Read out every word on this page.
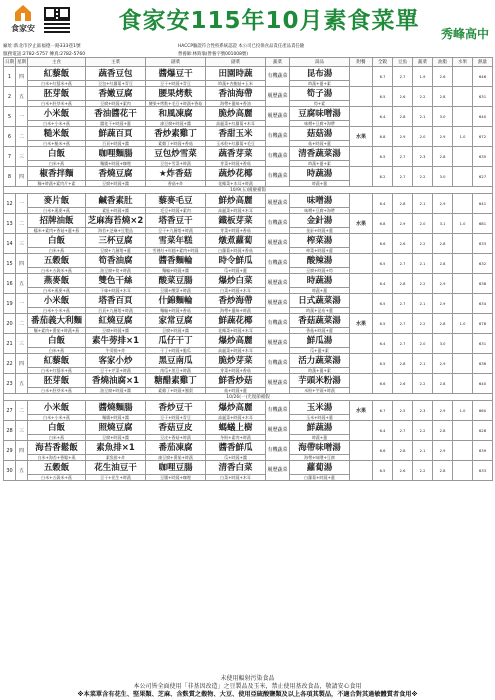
食家安	食家安115年10月素食菜單	秀峰高中
廠址:新北市汐止區福德一路333巷1號
服務電話:2782-5757 傳真:2782-5760
HACCP驗證符合性校系統認證 本公司已投保食品責任產品責任險
營養師:林鈞瑜(營養字號001008號)
日期	星期	主食	主菜	副菜	副菜	蔬菜	湯品	附餐	全穀	豆魚	蔬菜	油脂	水果	熱量
1	四	紅藜飯	蔬香豆包	醬爆豆干	田園時蔬	有機蔬菜	昆布湯		6.7	2.7	1.9	2.6		646
		白米+紅藜米+燕	豆包+紅蘿蔔+青豆	豆干+時蔬+青豆	時蔬+杏鮑菇+玉米		時蔬+薑+素							
2	五	胚芽飯	香嫩豆腐	腰果烤麩	香油海帶	履歷蔬菜	筍子湯		6.5	2.6	2.2	2.8		631
		白米+胚芽米+燕	豆腐+時蔬+素肉	腰果+烤麩+毛豆+時蔬+香菇	海帶+薑絲+香油		筍+素							
5	一	小米飯	香油醬花干	和風凍腐	脆炒高麗	履歷蔬菜	豆腐味噌湯		6.4	2.8	2.1	3.0		640
		白米+小米+燕	醬花干+時蔬+薑	凍豆腐+時蔬+醬	高麗菜+紅蘿蔔+木耳		味噌+豆腐+海帶							
6	二	糙米飯	鮮蔬百頁	香炒素雞丁	香甜玉米	有機蔬菜	菇菇湯	水果	6.8	2.9	2.0	2.9	1.0	672
		白米+糙米+燕	百頁+時蔬+醬	素雞丁+時蔬+香菇	玉米粒+紅蘿蔔+毛豆		菇+時蔬+薑							
7	三	白飯	咖哩麵腸	豆包炒雪菜	蔬香芽菜	有機蔬菜	清香蔬菜湯		6.5	2.7	2.3	2.8		635
		白米+燕	麵腸+時蔬+咖哩	豆包+雪菜+時蔬	芽菜+時蔬+香菇		時蔬+薑+素							
8	四	椒香拌麵	香燒豆腐	★炸香菇	蔬炒花椰	有機蔬菜	時蔬湯		6.2	2.7	2.2	3.0		627
		麵+時蔬+素肉片+素	豆腐+時蔬+醬	香菇+炸	花椰菜+木耳+時蔬		時蔬+薑							
10/9(五)國慶補假														
12	一	麥片飯	鹹香素肚	藜麥毛豆	鮮炒高麗	履歷蔬菜	味噌湯		6.4	2.8	2.1	2.9		641
		白米+燕麥+燕	素肚+時蔬+醬	毛豆+時蔬+素肉	高麗菜+時蔬+木耳		味噌+豆腐+海帶							
13	二	招牌油飯	芝麻海苔燒×2	塔香豆干	鐵板芽菜	有機蔬菜	金針湯	水果	6.8	2.9	2.0	3.1	1.0	681
		糯米+素肉+香菇+薑+燕	海苔+芝麻+豆製品	豆干+九層塔+時蔬	芽菜+時蔬+香菇		金針+時蔬+薑							
14	三	白飯	三杯豆腐	雪菜年糕	燉煮蘿蔔	履歷蔬菜	榨菜湯		6.6	2.6	2.2	2.8		633
		白米+燕	豆腐+九層塔+薑	雪裡紅+年糕+素肉+時蔬	白蘿蔔+時蔬+香菇		榨菜+時蔬+薑							
15	四	五穀飯	筍香油腐	醬香麵輪	時令鮮瓜	有機蔬菜	酸辣湯		6.5	2.7	2.1	2.8		632
		白米+五穀米+燕	油豆腐+筍+時蔬	麵輪+時蔬+醬	瓜+時蔬+薑		豆腐+時蔬+筍							
16	五	燕麥飯	雙色干絲	酸菜豆腸	爆炒白菜	履歷蔬菜	時蔬湯		6.4	2.8	2.2	2.9		638
		白米+燕麥+燕	干絲+時蔬+木耳	豆腸+酸菜+時蔬	白菜+時蔬+木耳		時蔬+薑							
19	一	小米飯	塔香百頁	什錦麵輪	香炒海帶	履歷蔬菜	日式蔬菜湯		6.5	2.7	2.1	2.9		634
		白米+小米+燕	百頁+九層塔+時蔬	麵輪+時蔬+香菇	海帶+薑絲+時蔬		時蔬+昆布+薑							
20	二	番茄義大利麵	紅燒豆腐	家常豆腐	鮮蔬花椰	有機蔬菜	香菇蔬菜湯	水果	6.5	2.7	2.2	2.8	1.0	678
		麵+素肉+番茄+時蔬+燕	豆腐+時蔬+醬	豆腐+時蔬+醬	花椰菜+時蔬+木耳		香菇+時蔬+薑							
21	三	白飯	素牛蒡排×1	瓜仔干丁	爆炒高麗	履歷蔬菜	鮮瓜湯		6.4	2.7	2.0	3.0		631
		白米+燕	牛蒡排+炸	干丁+時蔬+脆瓜	高麗菜+時蔬+木耳		瓜+薑+素							
22	四	紅藜飯	客家小炒	黑豆南瓜	脆炒芽菜	有機蔬菜	活力蔬菜湯		6.5	2.8	2.1	2.9		636
		白米+紅藜米+燕	豆干+芹菜+時蔬	南瓜+黑豆+時蔬	芽菜+時蔬+香菇		時蔬+薑+素							
23	五	胚芽飯	香燒油腐×1	糖醋素雞丁	鮮香炒菇	履歷蔬菜	芋頭米粉湯		6.6	2.6	2.2	2.8		640
		白米+胚芽米+燕	油豆腐+時蔬+醬	素雞丁+時蔬+鳳梨	菇+時蔬+薑		米粉+芋頭+時蔬							
10/26(一)光復節補假														
27	二	小米飯	醬燒麵腸	香炒豆干	爆炒高麗	有機蔬菜	玉米湯	水果	6.7	2.5	2.3	2.9	1.0	660
		白米+小米+燕	麵腸+時蔬+醬	豆干+時蔬+青豆	高麗菜+時蔬+木耳		玉米+時蔬+薑							
28	三	白飯	照燒豆腐	香菇豆皮	螞蟻上樹	履歷蔬菜	鮮蔬湯		6.4	2.7	2.2	2.8		628
		白米+燕	豆腐+時蔬+醬	豆皮+香菇+時蔬	冬粉+素肉+時蔬		時蔬+薑							
29	四	海苔香鬆飯	素魚排×1	番茄凍腐	醬香鮮瓜	有機蔬菜	海帶味噌湯		6.6	2.8	2.1	2.9		639
		白米+海苔+香鬆+燕	素魚排+炸	凍豆腐+番茄+時蔬	瓜+時蔬+醬		海帶+味噌+豆腐							
30	五	五穀飯	花生油豆干	咖哩豆腸	清香白菜	履歷蔬菜	蘿蔔湯		6.5	2.6	2.2	2.8		633
		白米+五穀米+燕	豆干+花生+時蔬	豆腸+時蔬+咖哩	白菜+時蔬+木耳		白蘿蔔+時蔬+薑							
未使用輻射污染食品
本公司皆全面使用「非基因改造」之豆製品及玉米，禁止使用基改食品，敬請安心食用
※本菜單含有花生、堅果類、芝麻、含麩質之穀物、大豆、使用亞硫酸鹽類及以上各項其製品，不適合對其過敏體質者食用※
